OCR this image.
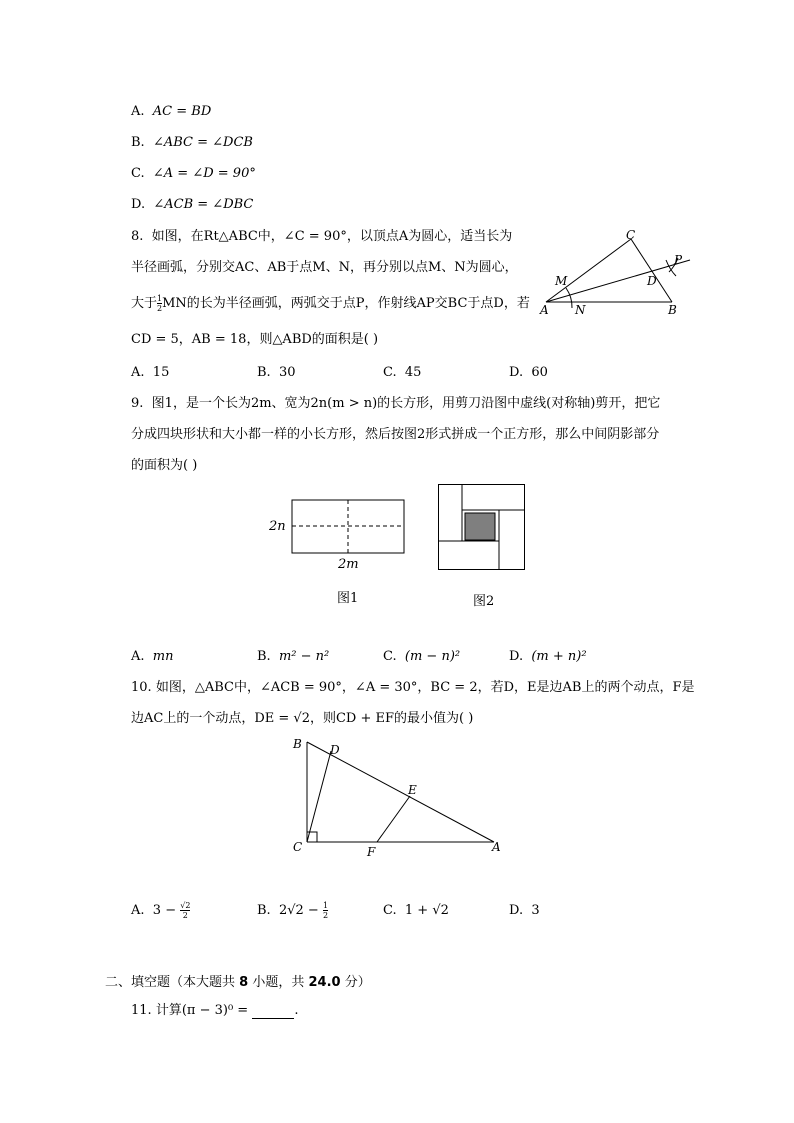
A. AC = BD
B. ∠ABC = ∠DCB
C. ∠A = ∠D = 90°
D. ∠ACB = ∠DBC
8. 如图，在Rt△ABC中，∠C = 90°，以顶点A为圆心，适当长为
半径画弧，分别交AC、AB于点M、N，再分别以点M、N为圆心，
大于 $\frac{1}{2}$ MN的长为半径画弧，两弧交于点P，作射线AP交BC于点D，若
CD = 5，AB = 18，则△ABD的面积是( )
C
M	D
P
A N	B
A. 15	B. 30	C. 45	D. 60
9. 图1，是一个长为2m、宽为2n(m > n)的长方形，用剪刀沿图中虚线(对称轴)剪开，把它
分成四块形状和大小都一样的小长方形，然后按图2形式拼成一个正方形，那么中间阴影部分
的面积为( )
2n
2m
图1	图2
A. mn	B. m² − n²	C. (m − n)²	D. (m + n)²
10. 如图，△ABC中，∠ACB = 90°，∠A = 30°，BC = 2，若D，E是边AB上的两个动点，F是
边AC上的一个动点，DE = √2，则CD + EF的最小值为( )
B D
E
C	F	A
A. $3 - \frac{√2}{2}$	B. $2√2 - \frac{1}{2}$	C. 1 + √2	D. 3
二、填空题（本大题共 8 小题，共 24.0 分）
11. 计算(π − 3)⁰ =	.
